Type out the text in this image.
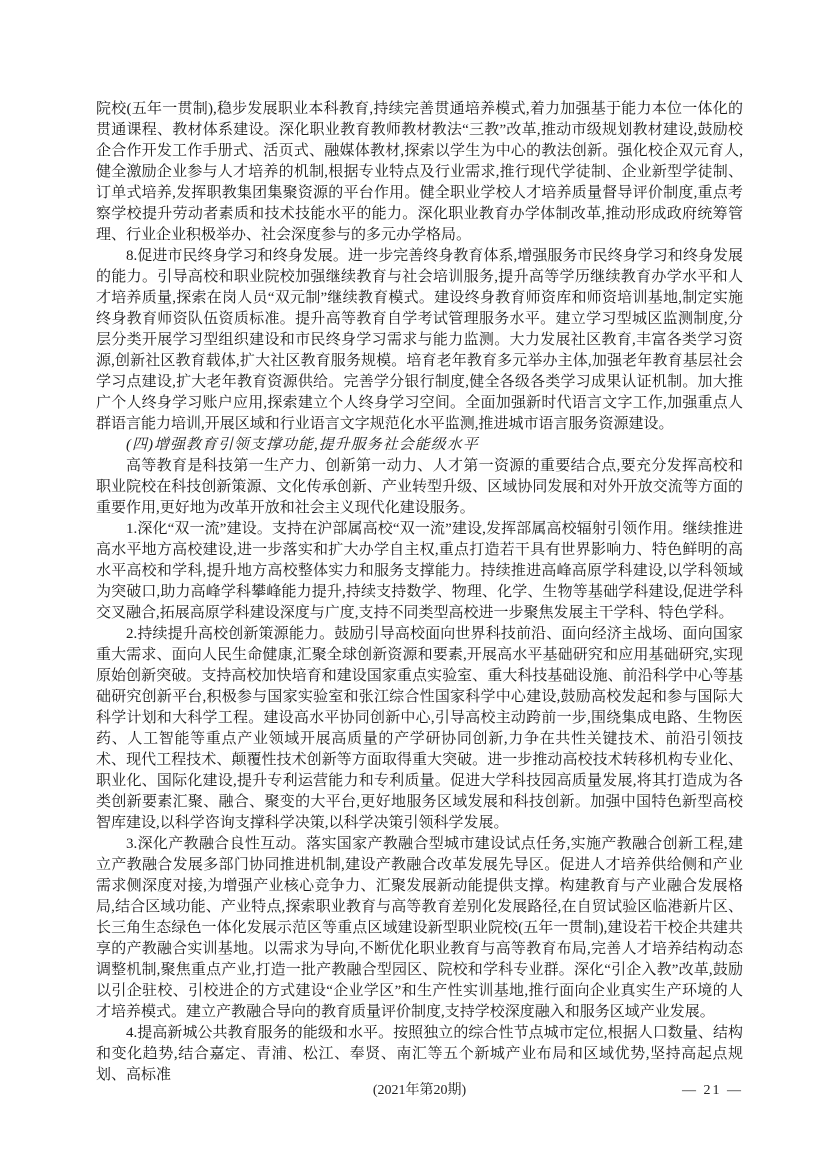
院校(五年一贯制),稳步发展职业本科教育,持续完善贯通培养模式,着力加强基于能力本位一体化的贯通课程、教材体系建设。深化职业教育教师教材教法“三教”改革,推动市级规划教材建设,鼓励校企合作开发工作手册式、活页式、融媒体教材,探索以学生为中心的教法创新。强化校企双元育人,健全激励企业参与人才培养的机制,根据专业特点及行业需求,推行现代学徒制、企业新型学徒制、订单式培养,发挥职教集团集聚资源的平台作用。健全职业学校人才培养质量督导评价制度,重点考察学校提升劳动者素质和技术技能水平的能力。深化职业教育办学体制改革,推动形成政府统筹管理、行业企业积极举办、社会深度参与的多元办学格局。

8.促进市民终身学习和终身发展。进一步完善终身教育体系,增强服务市民终身学习和终身发展的能力。引导高校和职业院校加强继续教育与社会培训服务,提升高等学历继续教育办学水平和人才培养质量,探索在岗人员“双元制”继续教育模式。建设终身教育师资库和师资培训基地,制定实施终身教育师资队伍资质标准。提升高等教育自学考试管理服务水平。建立学习型城区监测制度,分层分类开展学习型组织建设和市民终身学习需求与能力监测。大力发展社区教育,丰富各类学习资源,创新社区教育载体,扩大社区教育服务规模。培育老年教育多元举办主体,加强老年教育基层社会学习点建设,扩大老年教育资源供给。完善学分银行制度,健全各级各类学习成果认证机制。加大推广个人终身学习账户应用,探索建立个人终身学习空间。全面加强新时代语言文字工作,加强重点人群语言能力培训,开展区域和行业语言文字规范化水平监测,推进城市语言服务资源建设。

(四)增强教育引领支撑功能,提升服务社会能级水平

高等教育是科技第一生产力、创新第一动力、人才第一资源的重要结合点,要充分发挥高校和职业院校在科技创新策源、文化传承创新、产业转型升级、区域协同发展和对外开放交流等方面的重要作用,更好地为改革开放和社会主义现代化建设服务。

1.深化“双一流”建设。支持在沪部属高校“双一流”建设,发挥部属高校辐射引领作用。继续推进高水平地方高校建设,进一步落实和扩大办学自主权,重点打造若干具有世界影响力、特色鲜明的高水平高校和学科,提升地方高校整体实力和服务支撑能力。持续推进高峰高原学科建设,以学科领域为突破口,助力高峰学科攀峰能力提升,持续支持数学、物理、化学、生物等基础学科建设,促进学科交叉融合,拓展高原学科建设深度与广度,支持不同类型高校进一步聚焦发展主干学科、特色学科。

2.持续提升高校创新策源能力。鼓励引导高校面向世界科技前沿、面向经济主战场、面向国家重大需求、面向人民生命健康,汇聚全球创新资源和要素,开展高水平基础研究和应用基础研究,实现原始创新突破。支持高校加快培育和建设国家重点实验室、重大科技基础设施、前沿科学中心等基础研究创新平台,积极参与国家实验室和张江综合性国家科学中心建设,鼓励高校发起和参与国际大科学计划和大科学工程。建设高水平协同创新中心,引导高校主动跨前一步,围绕集成电路、生物医药、人工智能等重点产业领域开展高质量的产学研协同创新,力争在共性关键技术、前沿引领技术、现代工程技术、颠覆性技术创新等方面取得重大突破。进一步推动高校技术转移机构专业化、职业化、国际化建设,提升专利运营能力和专利质量。促进大学科技园高质量发展,将其打造成为各类创新要素汇聚、融合、聚变的大平台,更好地服务区域发展和科技创新。加强中国特色新型高校智库建设,以科学咨询支撑科学决策,以科学决策引领科学发展。

3.深化产教融合良性互动。落实国家产教融合型城市建设试点任务,实施产教融合创新工程,建立产教融合发展多部门协同推进机制,建设产教融合改革发展先导区。促进人才培养供给侧和产业需求侧深度对接,为增强产业核心竞争力、汇聚发展新动能提供支撑。构建教育与产业融合发展格局,结合区域功能、产业特点,探索职业教育与高等教育差别化发展路径,在自贸试验区临港新片区、长三角生态绿色一体化发展示范区等重点区域建设新型职业院校(五年一贯制),建设若干校企共建共享的产教融合实训基地。以需求为导向,不断优化职业教育与高等教育布局,完善人才培养结构动态调整机制,聚焦重点产业,打造一批产教融合型园区、院校和学科专业群。深化“引企入教”改革,鼓励以引企驻校、引校进企的方式建设“企业学区”和生产性实训基地,推行面向企业真实生产环境的人才培养模式。建立产教融合导向的教育质量评价制度,支持学校深度融入和服务区域产业发展。

4.提高新城公共教育服务的能级和水平。按照独立的综合性节点城市定位,根据人口数量、结构和变化趋势,结合嘉定、青浦、松江、奉贤、南汇等五个新城产业布局和区域优势,坚持高起点规划、高标准

(2021年第20期)	— 21 —
